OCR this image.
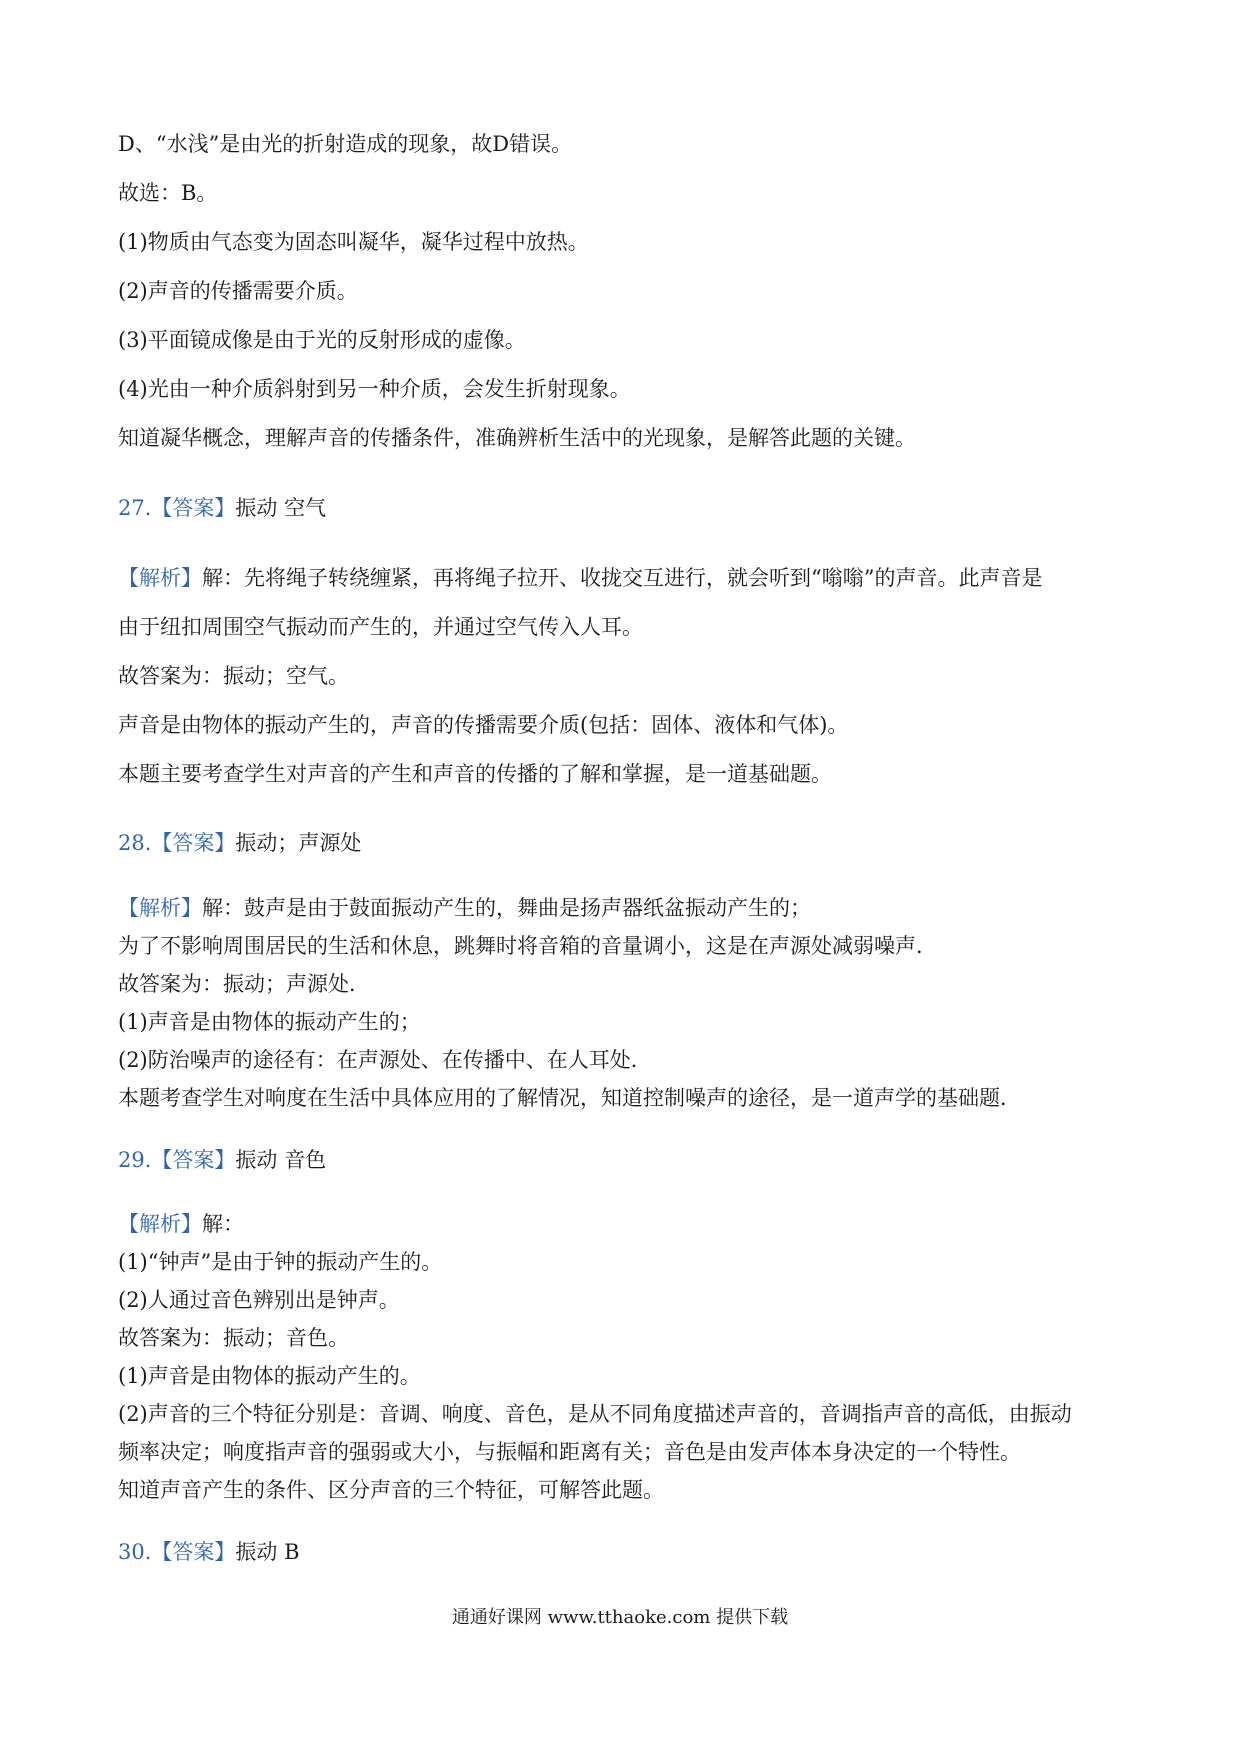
D、“水浅”是由光的折射造成的现象，故D错误。
故选：B。
(1)物质由气态变为固态叫凝华，凝华过程中放热。
(2)声音的传播需要介质。
(3)平面镜成像是由于光的反射形成的虚像。
(4)光由一种介质斜射到另一种介质，会发生折射现象。
知道凝华概念，理解声音的传播条件，准确辨析生活中的光现象，是解答此题的关键。
27.【答案】振动 空气
【解析】解：先将绳子转绕缠紧，再将绳子拉开、收拢交互进行，就会听到“嗡嗡”的声音。此声音是
由于纽扣周围空气振动而产生的，并通过空气传入人耳。
故答案为：振动；空气。
声音是由物体的振动产生的，声音的传播需要介质(包括：固体、液体和气体)。
本题主要考查学生对声音的产生和声音的传播的了解和掌握，是一道基础题。
28.【答案】振动；声源处
【解析】解：鼓声是由于鼓面振动产生的，舞曲是扬声器纸盆振动产生的；
为了不影响周围居民的生活和休息，跳舞时将音箱的音量调小，这是在声源处减弱噪声．
故答案为：振动；声源处．
(1)声音是由物体的振动产生的；
(2)防治噪声的途径有：在声源处、在传播中、在人耳处．
本题考查学生对响度在生活中具体应用的了解情况，知道控制噪声的途径，是一道声学的基础题．
29.【答案】振动 音色
【解析】解：
(1)“钟声”是由于钟的振动产生的。
(2)人通过音色辨别出是钟声。
故答案为：振动；音色。
(1)声音是由物体的振动产生的。
(2)声音的三个特征分别是：音调、响度、音色，是从不同角度描述声音的，音调指声音的高低，由振动
频率决定；响度指声音的强弱或大小，与振幅和距离有关；音色是由发声体本身决定的一个特性。
知道声音产生的条件、区分声音的三个特征，可解答此题。
30.【答案】振动 B
通通好课网 www.tthaoke.com 提供下载
